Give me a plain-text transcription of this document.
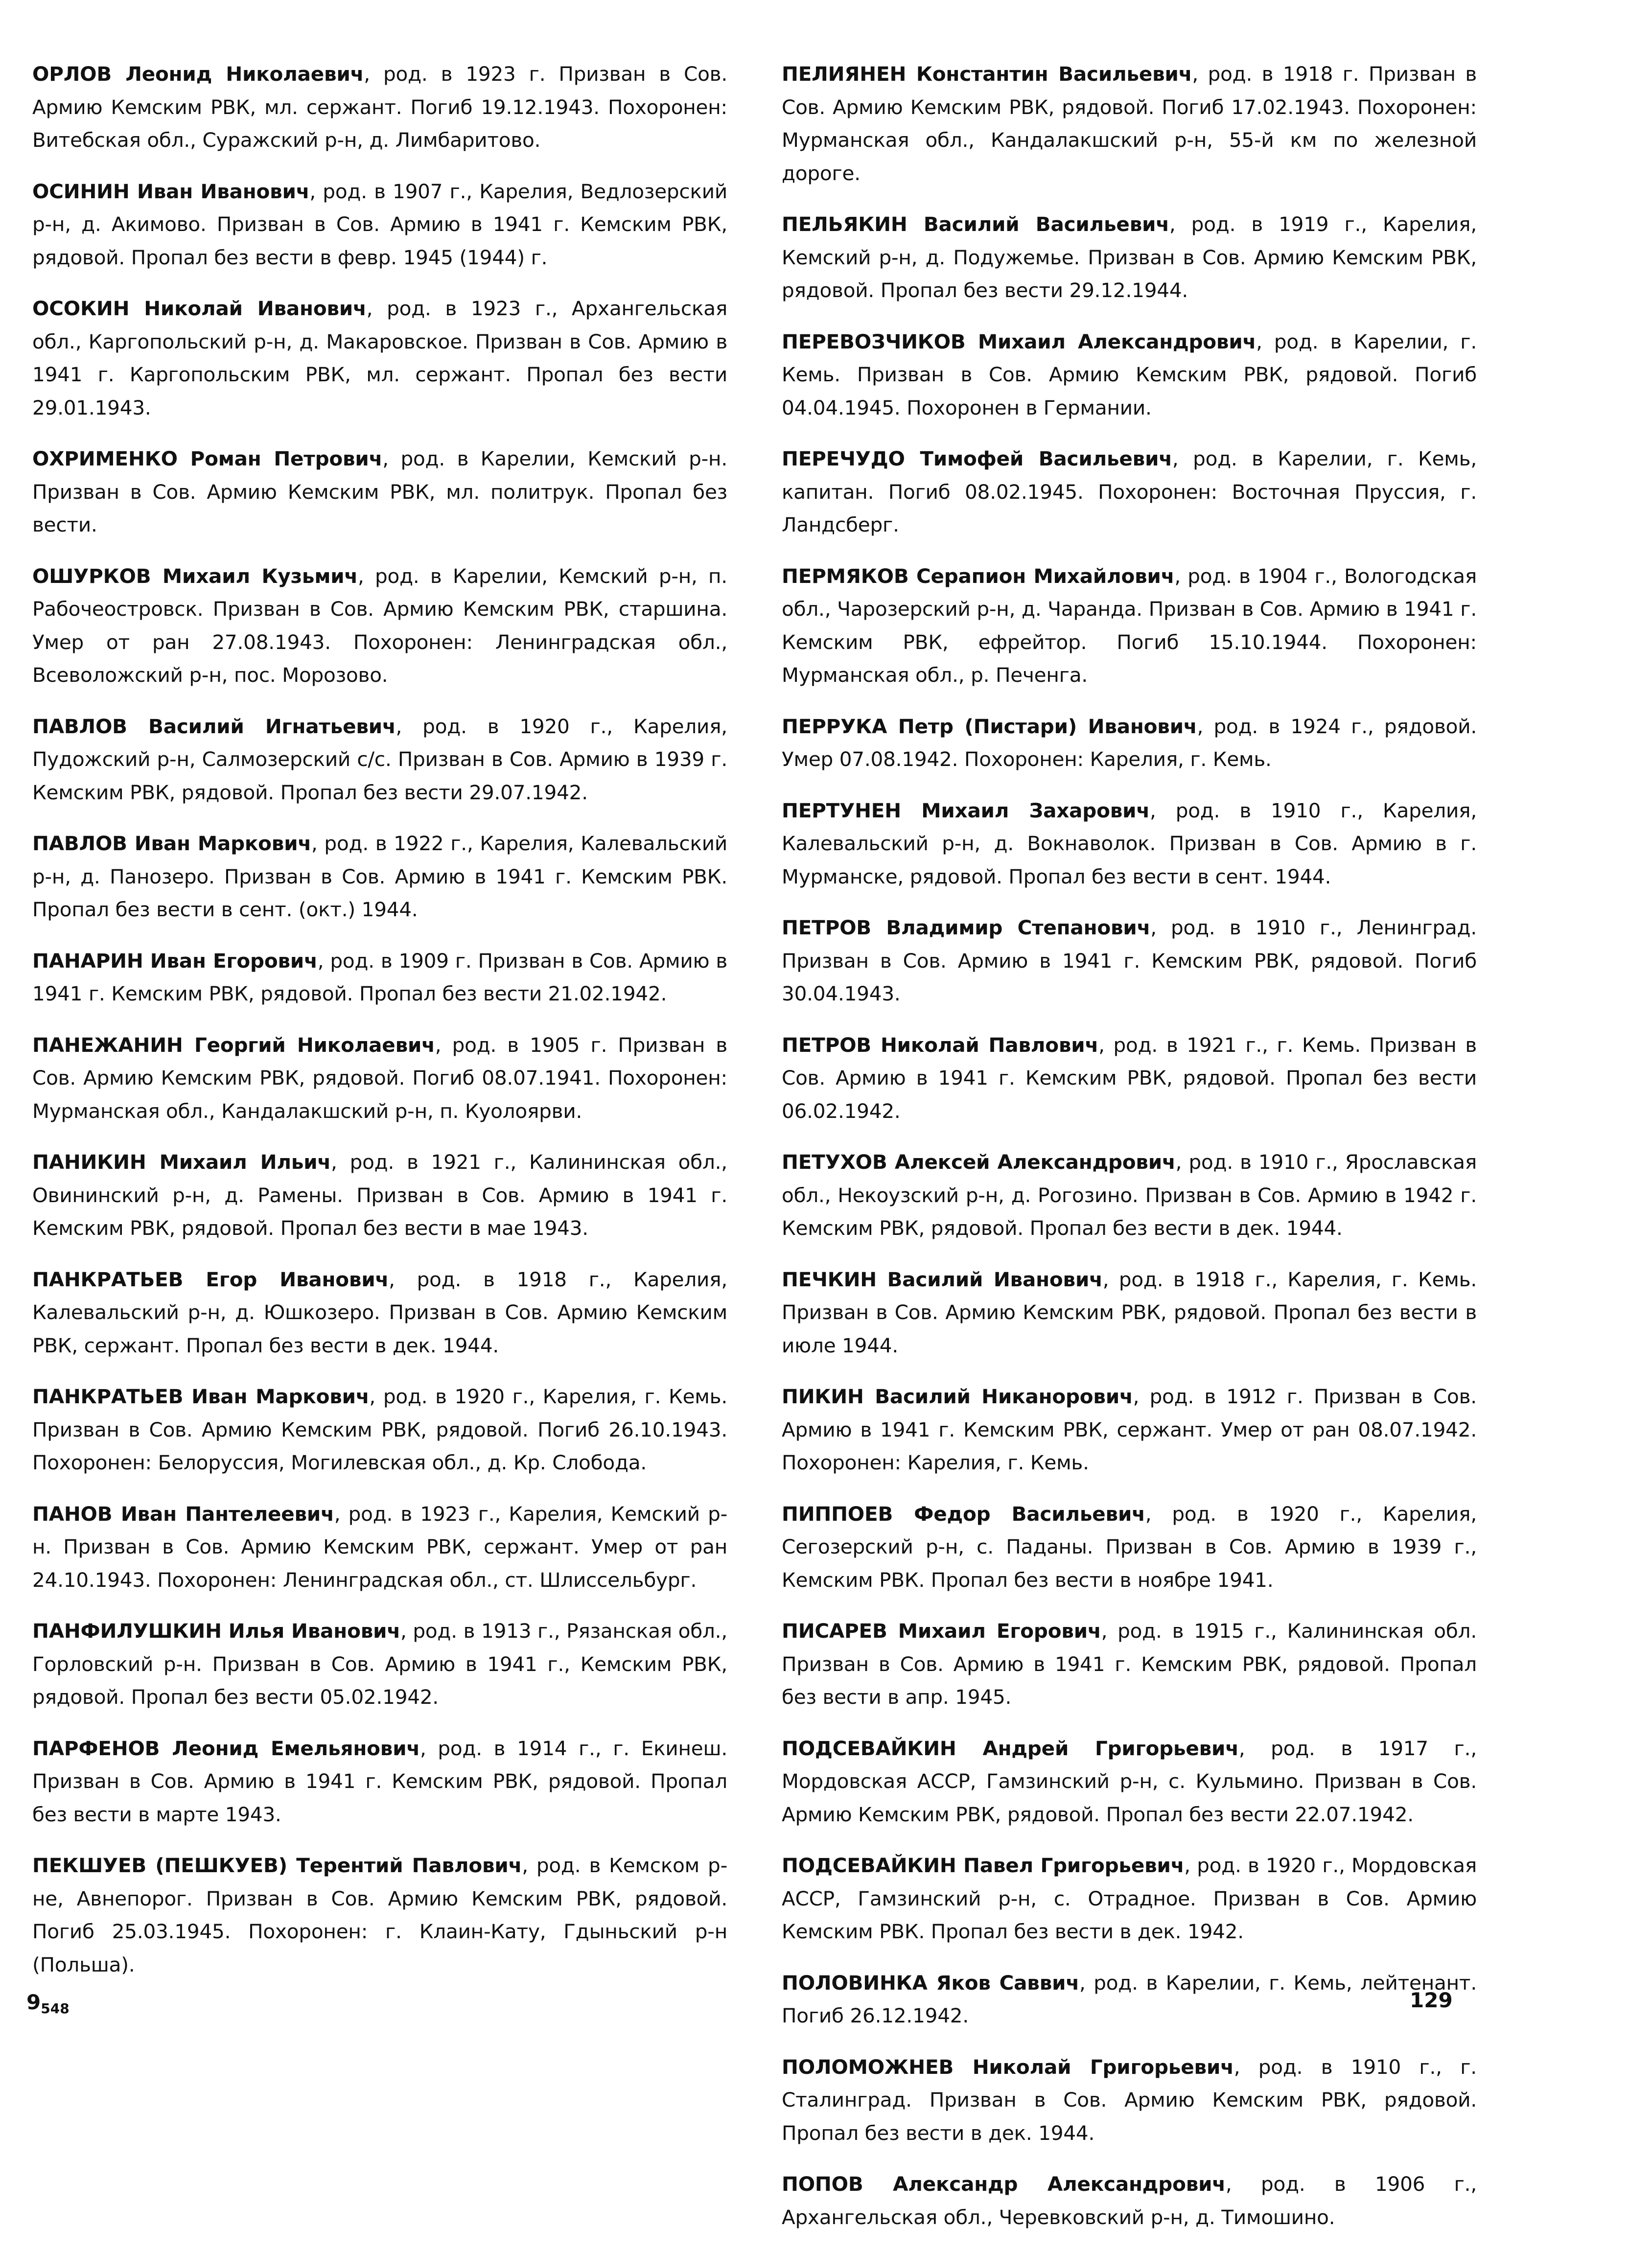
ОРЛОВ Леонид Николаевич, род. в 1923 г. Призван в Сов. Армию Кемским РВК, мл. сержант. Погиб 19.12.1943. Похоронен: Витебская обл., Суражский р-н, д. Лимбаритово.

ОСИНИН Иван Иванович, род. в 1907 г., Карелия, Ведлозерский р-н, д. Акимово. Призван в Сов. Армию в 1941 г. Кемским РВК, рядовой. Пропал без вести в февр. 1945 (1944) г.

ОСОКИН Николай Иванович, род. в 1923 г., Архангельская обл., Каргопольский р-н, д. Макаровское. Призван в Сов. Армию в 1941 г. Каргопольским РВК, мл. сержант. Пропал без вести 29.01.1943.

ОХРИМЕНКО Роман Петрович, род. в Карелии, Кемский р-н. Призван в Сов. Армию Кемским РВК, мл. политрук. Пропал без вести.

ОШУРКОВ Михаил Кузьмич, род. в Карелии, Кемский р-н, п. Рабочеостровск. Призван в Сов. Армию Кемским РВК, старшина. Умер от ран 27.08.1943. Похоронен: Ленинградская обл., Всеволожский р-н, пос. Морозово.

ПАВЛОВ Василий Игнатьевич, род. в 1920 г., Карелия, Пудожский р-н, Салмозерский с/с. Призван в Сов. Армию в 1939 г. Кемским РВК, рядовой. Пропал без вести 29.07.1942.

ПАВЛОВ Иван Маркович, род. в 1922 г., Карелия, Калевальский р-н, д. Панозеро. Призван в Сов. Армию в 1941 г. Кемским РВК. Пропал без вести в сент. (окт.) 1944.

ПАНАРИН Иван Егорович, род. в 1909 г. Призван в Сов. Армию в 1941 г. Кемским РВК, рядовой. Пропал без вести 21.02.1942.

ПАНЕЖАНИН Георгий Николаевич, род. в 1905 г. Призван в Сов. Армию Кемским РВК, рядовой. Погиб 08.07.1941. Похоронен: Мурманская обл., Кандалакшский р-н, п. Куолоярви.

ПАНИКИН Михаил Ильич, род. в 1921 г., Калининская обл., Овининский р-н, д. Рамены. Призван в Сов. Армию в 1941 г. Кемским РВК, рядовой. Пропал без вести в мае 1943.

ПАНКРАТЬЕВ Егор Иванович, род. в 1918 г., Карелия, Калевальский р-н, д. Юшкозеро. Призван в Сов. Армию Кемским РВК, сержант. Пропал без вести в дек. 1944.

ПАНКРАТЬЕВ Иван Маркович, род. в 1920 г., Карелия, г. Кемь. Призван в Сов. Армию Кемским РВК, рядовой. Погиб 26.10.1943. Похоронен: Белоруссия, Могилевская обл., д. Кр. Слобода.

ПАНОВ Иван Пантелеевич, род. в 1923 г., Карелия, Кемский р-н. Призван в Сов. Армию Кемским РВК, сержант. Умер от ран 24.10.1943. Похоронен: Ленинградская обл., ст. Шлиссельбург.

ПАНФИЛУШКИН Илья Иванович, род. в 1913 г., Рязанская обл., Горловский р-н. Призван в Сов. Армию в 1941 г., Кемским РВК, рядовой. Пропал без вести 05.02.1942.

ПАРФЕНОВ Леонид Емельянович, род. в 1914 г., г. Екинеш. Призван в Сов. Армию в 1941 г. Кемским РВК, рядовой. Пропал без вести в марте 1943.

ПЕКШУЕВ (ПЕШКУЕВ) Терентий Павлович, род. в Кемском р-не, Авнепорог. Призван в Сов. Армию Кемским РВК, рядовой. Погиб 25.03.1945. Похоронен: г. Клаин-Кату, Гдыньский р-н (Польша).

ПЕЛИЯНЕН Константин Васильевич, род. в 1918 г. Призван в Сов. Армию Кемским РВК, рядовой. Погиб 17.02.1943. Похоронен: Мурманская обл., Кандалакшский р-н, 55-й км по железной дороге.

ПЕЛЬЯКИН Василий Васильевич, род. в 1919 г., Карелия, Кемский р-н, д. Подужемье. Призван в Сов. Армию Кемским РВК, рядовой. Пропал без вести 29.12.1944.

ПЕРЕВОЗЧИКОВ Михаил Александрович, род. в Карелии, г. Кемь. Призван в Сов. Армию Кемским РВК, рядовой. Погиб 04.04.1945. Похоронен в Германии.

ПЕРЕЧУДО Тимофей Васильевич, род. в Карелии, г. Кемь, капитан. Погиб 08.02.1945. Похоронен: Восточная Пруссия, г. Ландсберг.

ПЕРМЯКОВ Серапион Михайлович, род. в 1904 г., Вологодская обл., Чарозерский р-н, д. Чаранда. Призван в Сов. Армию в 1941 г. Кемским РВК, ефрейтор. Погиб 15.10.1944. Похоронен: Мурманская обл., р. Печенга.

ПЕРРУКА Петр (Пистари) Иванович, род. в 1924 г., рядовой. Умер 07.08.1942. Похоронен: Карелия, г. Кемь.

ПЕРТУНЕН Михаил Захарович, род. в 1910 г., Карелия, Калевальский р-н, д. Вокнаволок. Призван в Сов. Армию в г. Мурманске, рядовой. Пропал без вести в сент. 1944.

ПЕТРОВ Владимир Степанович, род. в 1910 г., Ленинград. Призван в Сов. Армию в 1941 г. Кемским РВК, рядовой. Погиб 30.04.1943.

ПЕТРОВ Николай Павлович, род. в 1921 г., г. Кемь. Призван в Сов. Армию в 1941 г. Кемским РВК, рядовой. Пропал без вести 06.02.1942.

ПЕТУХОВ Алексей Александрович, род. в 1910 г., Ярославская обл., Некоузский р-н, д. Рогозино. Призван в Сов. Армию в 1942 г. Кемским РВК, рядовой. Пропал без вести в дек. 1944.

ПЕЧКИН Василий Иванович, род. в 1918 г., Карелия, г. Кемь. Призван в Сов. Армию Кемским РВК, рядовой. Пропал без вести в июле 1944.

ПИКИН Василий Никанорович, род. в 1912 г. Призван в Сов. Армию в 1941 г. Кемским РВК, сержант. Умер от ран 08.07.1942. Похоронен: Карелия, г. Кемь.

ПИППОЕВ Федор Васильевич, род. в 1920 г., Карелия, Сегозерский р-н, с. Паданы. Призван в Сов. Армию в 1939 г., Кемским РВК. Пропал без вести в ноябре 1941.

ПИСАРЕВ Михаил Егорович, род. в 1915 г., Калининская обл. Призван в Сов. Армию в 1941 г. Кемским РВК, рядовой. Пропал без вести в апр. 1945.

ПОДСЕВАЙКИН Андрей Григорьевич, род. в 1917 г., Мордовская АССР, Гамзинский р-н, с. Кульмино. Призван в Сов. Армию Кемским РВК, рядовой. Пропал без вести 22.07.1942.

ПОДСЕВАЙКИН Павел Григорьевич, род. в 1920 г., Мордовская АССР, Гамзинский р-н, с. Отрадное. Призван в Сов. Армию Кемским РВК. Пропал без вести в дек. 1942.

ПОЛОВИНКА Яков Саввич, род. в Карелии, г. Кемь, лейтенант. Погиб 26.12.1942.

ПОЛОМОЖНЕВ Николай Григорьевич, род. в 1910 г., г. Сталинград. Призван в Сов. Армию Кемским РВК, рядовой. Пропал без вести в дек. 1944.

ПОПОВ Александр Александрович, род. в 1906 г., Архангельская обл., Черевковский р-н, д. Тимошино.

$9_{548}$	129
